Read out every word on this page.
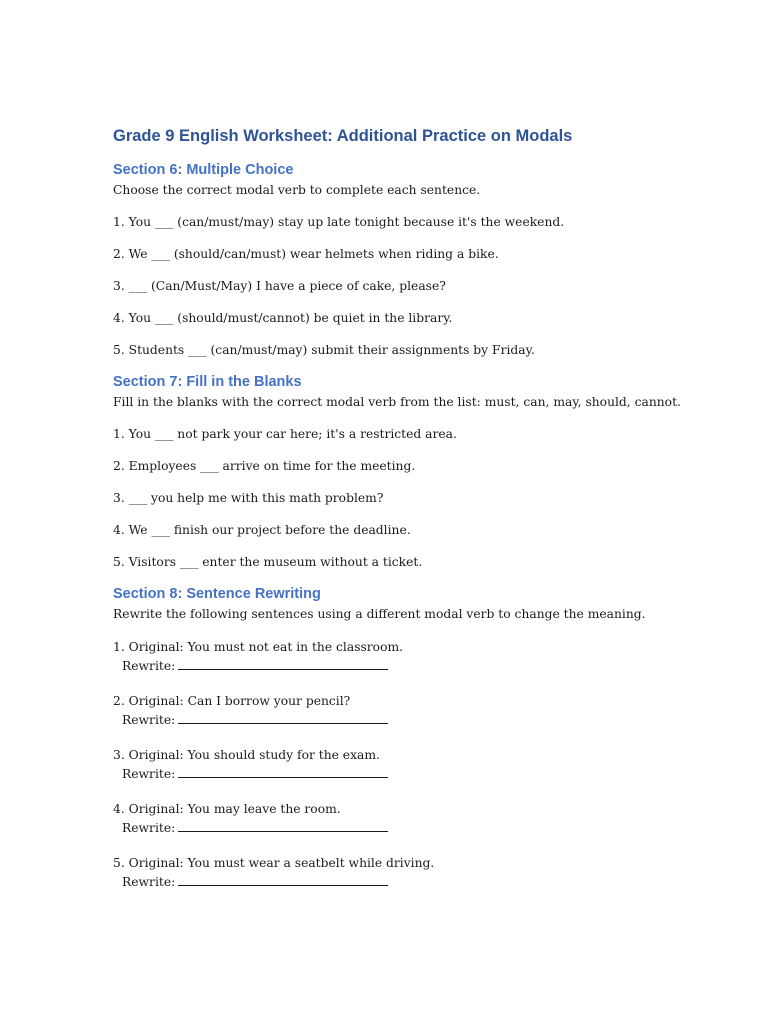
Grade 9 English Worksheet: Additional Practice on Modals
Section 6: Multiple Choice

Choose the correct modal verb to complete each sentence.

1. You ___ (can/must/may) stay up late tonight because it's the weekend.

2. We ___ (should/can/must) wear helmets when riding a bike.

3. ___ (Can/Must/May) I have a piece of cake, please?

4. You ___ (should/must/cannot) be quiet in the library.

5. Students ___ (can/must/may) submit their assignments by Friday.

Section 7: Fill in the Blanks

Fill in the blanks with the correct modal verb from the list: must, can, may, should, cannot.

1. You ___ not park your car here; it's a restricted area.

2. Employees ___ arrive on time for the meeting.

3. ___ you help me with this math problem?

4. We ___ finish our project before the deadline.

5. Visitors ___ enter the museum without a ticket.

Section 8: Sentence Rewriting

Rewrite the following sentences using a different modal verb to change the meaning.

1. Original: You must not eat in the classroom.
Rewrite:
2. Original: Can I borrow your pencil?
Rewrite:
3. Original: You should study for the exam.
Rewrite:
4. Original: You may leave the room.
Rewrite:
5. Original: You must wear a seatbelt while driving.
Rewrite:
